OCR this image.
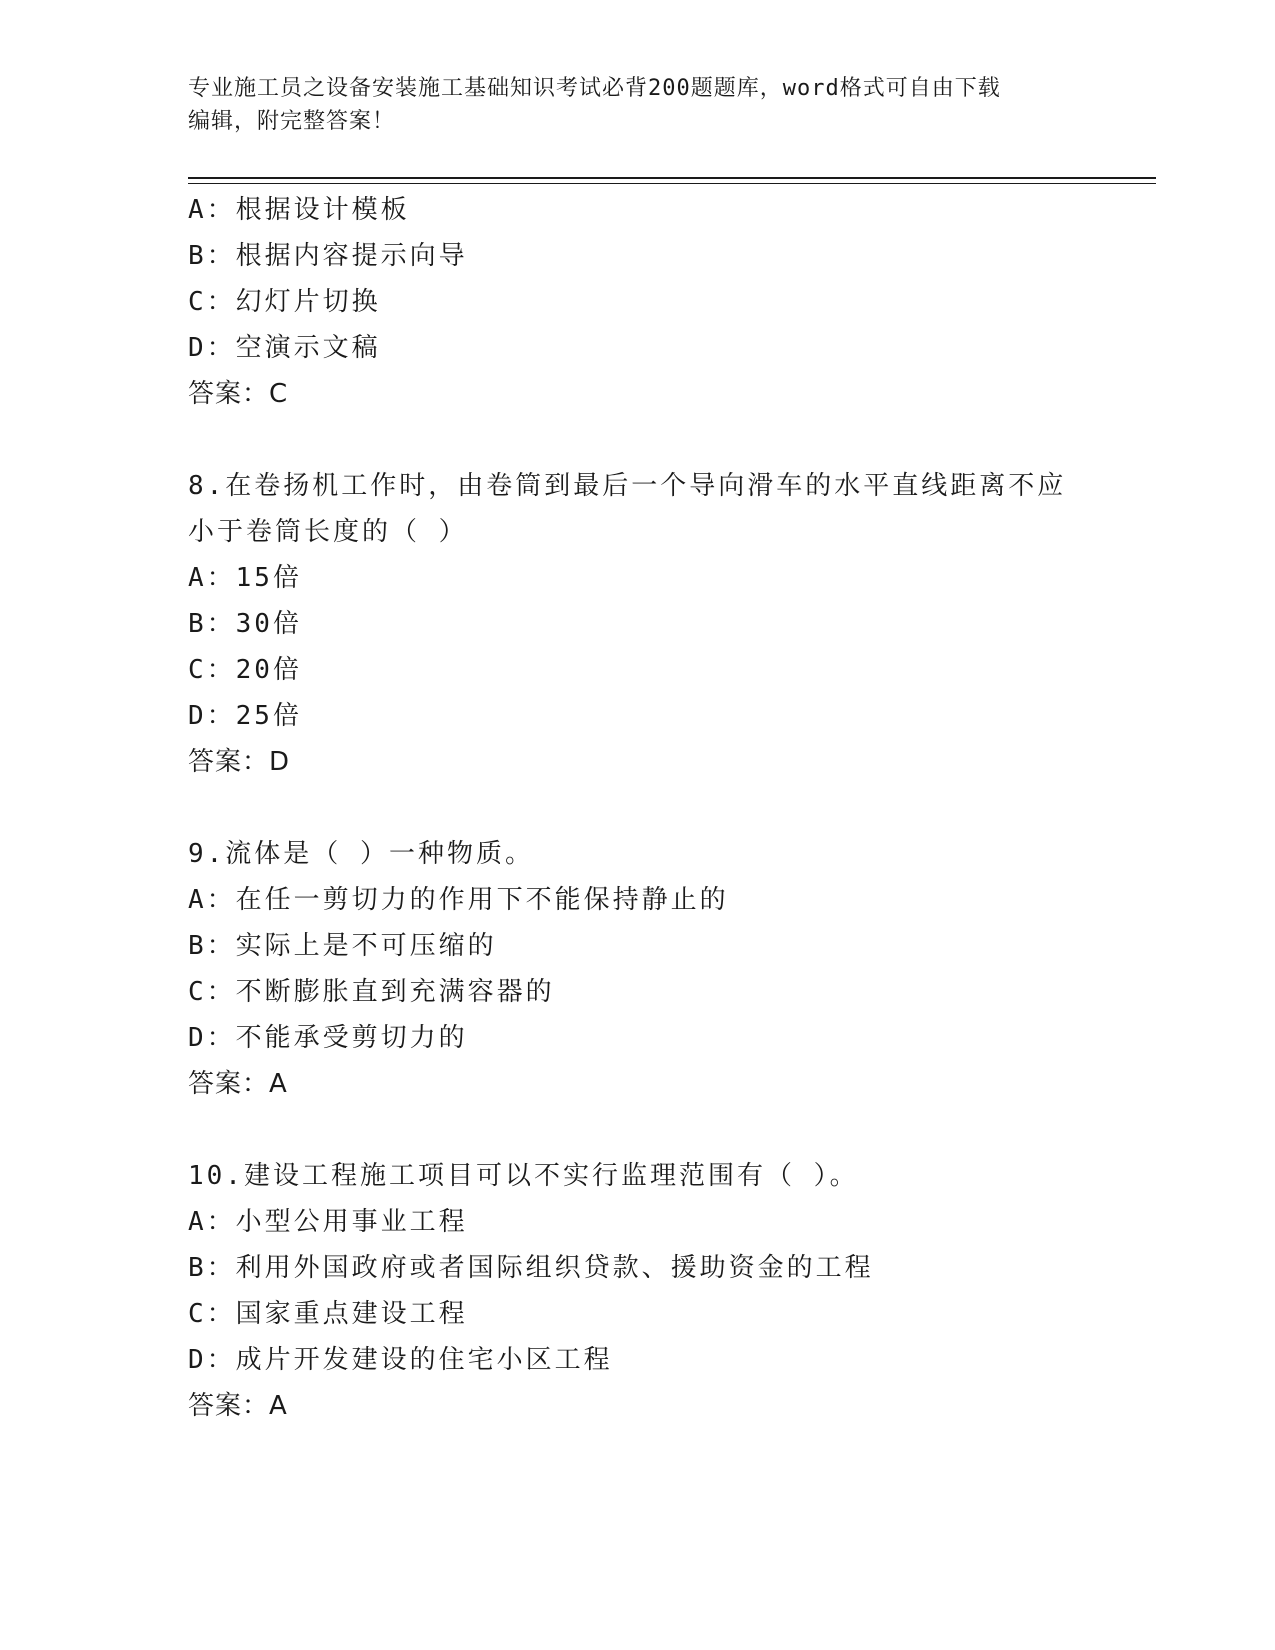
专业施工员之设备安装施工基础知识考试必背200题题库，word格式可自由下载
编辑，附完整答案！
A：根据设计模板
B：根据内容提示向导
C：幻灯片切换
D：空演示文稿
答案：C
8.在卷扬机工作时，由卷筒到最后一个导向滑车的水平直线距离不应
小于卷筒长度的（ ）
A：15倍
B：30倍
C：20倍
D：25倍
答案：D
9.流体是（ ）一种物质。
A：在任一剪切力的作用下不能保持静止的
B：实际上是不可压缩的
C：不断膨胀直到充满容器的
D：不能承受剪切力的
答案：A
10.建设工程施工项目可以不实行监理范围有（ ）。
A：小型公用事业工程
B：利用外国政府或者国际组织贷款、援助资金的工程
C：国家重点建设工程
D：成片开发建设的住宅小区工程
答案：A
